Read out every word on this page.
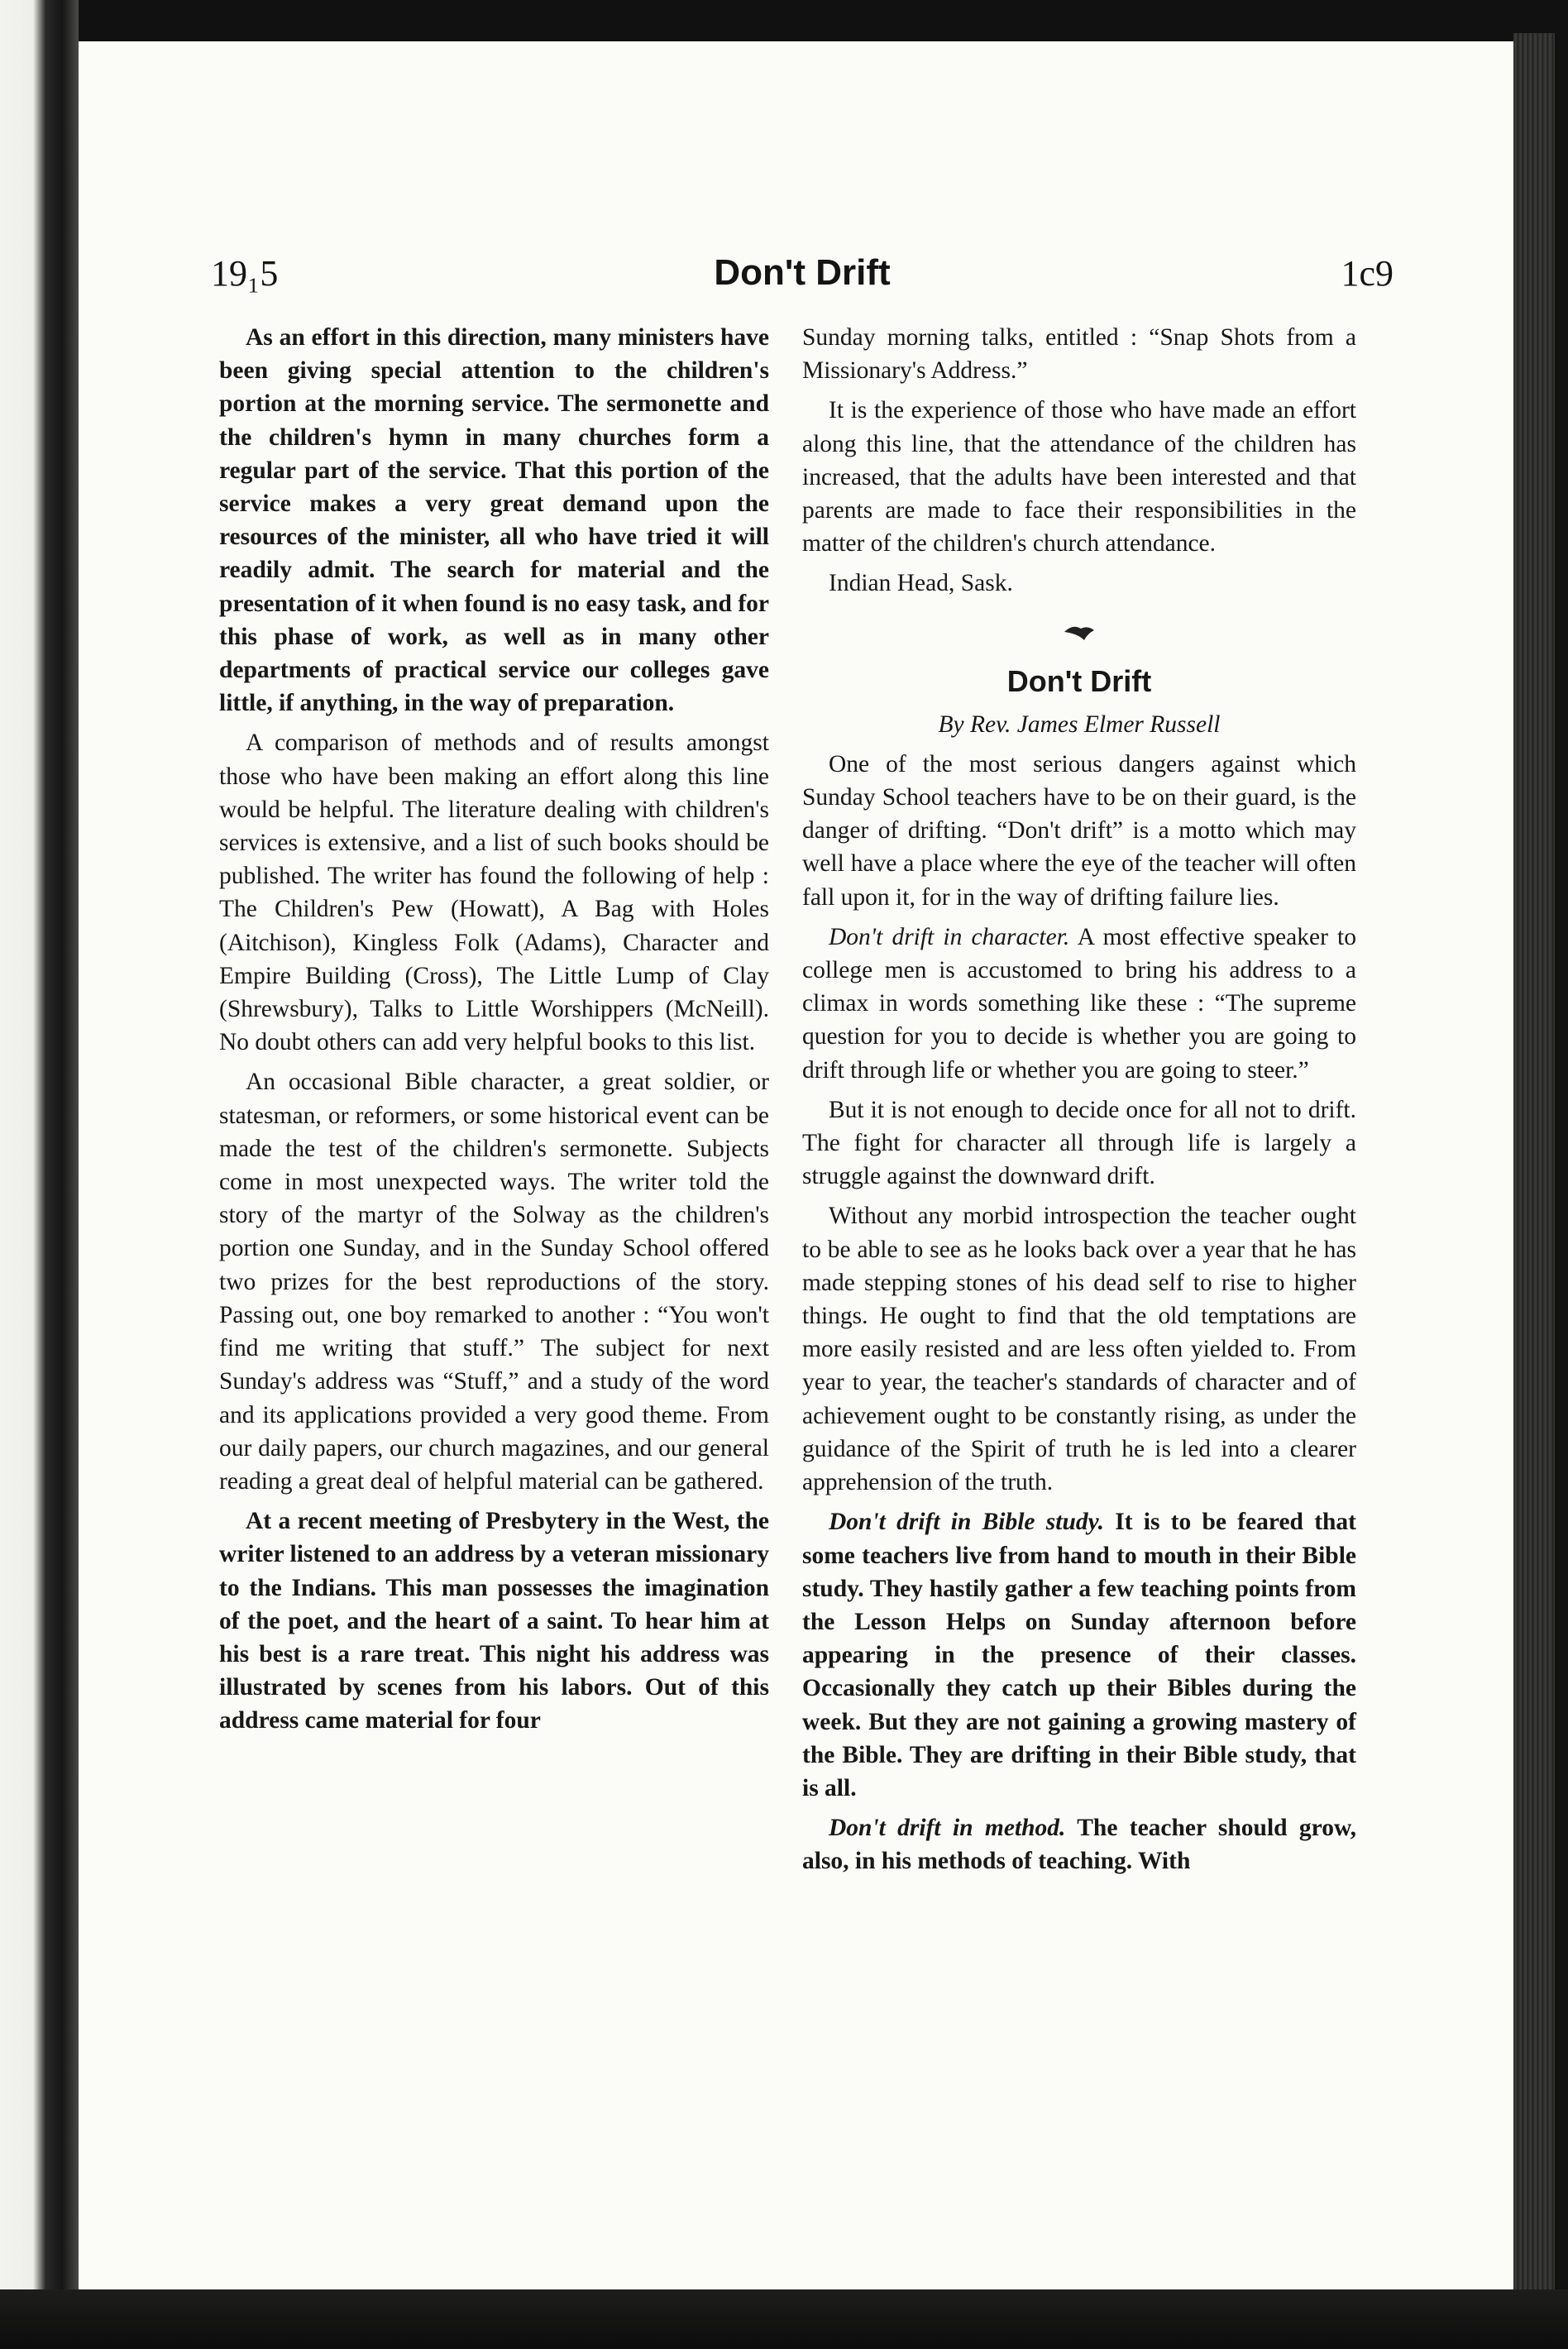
19₁5	Don't Drift	1c9

As an effort in this direction, many ministers have been giving special attention to the children's portion at the morning service. The sermonette and the children's hymn in many churches form a regular part of the service. That this portion of the service makes a very great demand upon the resources of the minister, all who have tried it will readily admit. The search for material and the presentation of it when found is no easy task, and for this phase of work, as well as in many other departments of practical service our colleges gave little, if anything, in the way of preparation.

A comparison of methods and of results amongst those who have been making an effort along this line would be helpful. The literature dealing with children's services is extensive, and a list of such books should be published. The writer has found the following of help : The Children's Pew (Howatt), A Bag with Holes (Aitchison), Kingless Folk (Adams), Character and Empire Building (Cross), The Little Lump of Clay (Shrewsbury), Talks to Little Worshippers (McNeill). No doubt others can add very helpful books to this list.

An occasional Bible character, a great soldier, or statesman, or reformers, or some historical event can be made the test of the children's sermonette. Subjects come in most unexpected ways. The writer told the story of the martyr of the Solway as the children's portion one Sunday, and in the Sunday School offered two prizes for the best reproductions of the story. Passing out, one boy remarked to another : “You won't find me writing that stuff.” The subject for next Sunday's address was “Stuff,” and a study of the word and its applications provided a very good theme. From our daily papers, our church magazines, and our general reading a great deal of helpful material can be gathered.

At a recent meeting of Presbytery in the West, the writer listened to an address by a veteran missionary to the Indians. This man possesses the imagination of the poet, and the heart of a saint. To hear him at his best is a rare treat. This night his address was illustrated by scenes from his labors. Out of this address came material for four

Sunday morning talks, entitled : “Snap Shots from a Missionary's Address.”

It is the experience of those who have made an effort along this line, that the attendance of the children has increased, that the adults have been interested and that parents are made to face their responsibilities in the matter of the children's church attendance.

Indian Head, Sask.

Don't Drift
By Rev. James Elmer Russell

One of the most serious dangers against which Sunday School teachers have to be on their guard, is the danger of drifting. “Don't drift” is a motto which may well have a place where the eye of the teacher will often fall upon it, for in the way of drifting failure lies.

Don't drift in character. A most effective speaker to college men is accustomed to bring his address to a climax in words something like these : “The supreme question for you to decide is whether you are going to drift through life or whether you are going to steer.”

But it is not enough to decide once for all not to drift. The fight for character all through life is largely a struggle against the downward drift.

Without any morbid introspection the teacher ought to be able to see as he looks back over a year that he has made stepping stones of his dead self to rise to higher things. He ought to find that the old temptations are more easily resisted and are less often yielded to. From year to year, the teacher's standards of character and of achievement ought to be constantly rising, as under the guidance of the Spirit of truth he is led into a clearer apprehension of the truth.

Don't drift in Bible study. It is to be feared that some teachers live from hand to mouth in their Bible study. They hastily gather a few teaching points from the Lesson Helps on Sunday afternoon before appearing in the presence of their classes. Occasionally they catch up their Bibles during the week. But they are not gaining a growing mastery of the Bible. They are drifting in their Bible study, that is all.

Don't drift in method. The teacher should grow, also, in his methods of teaching. With
